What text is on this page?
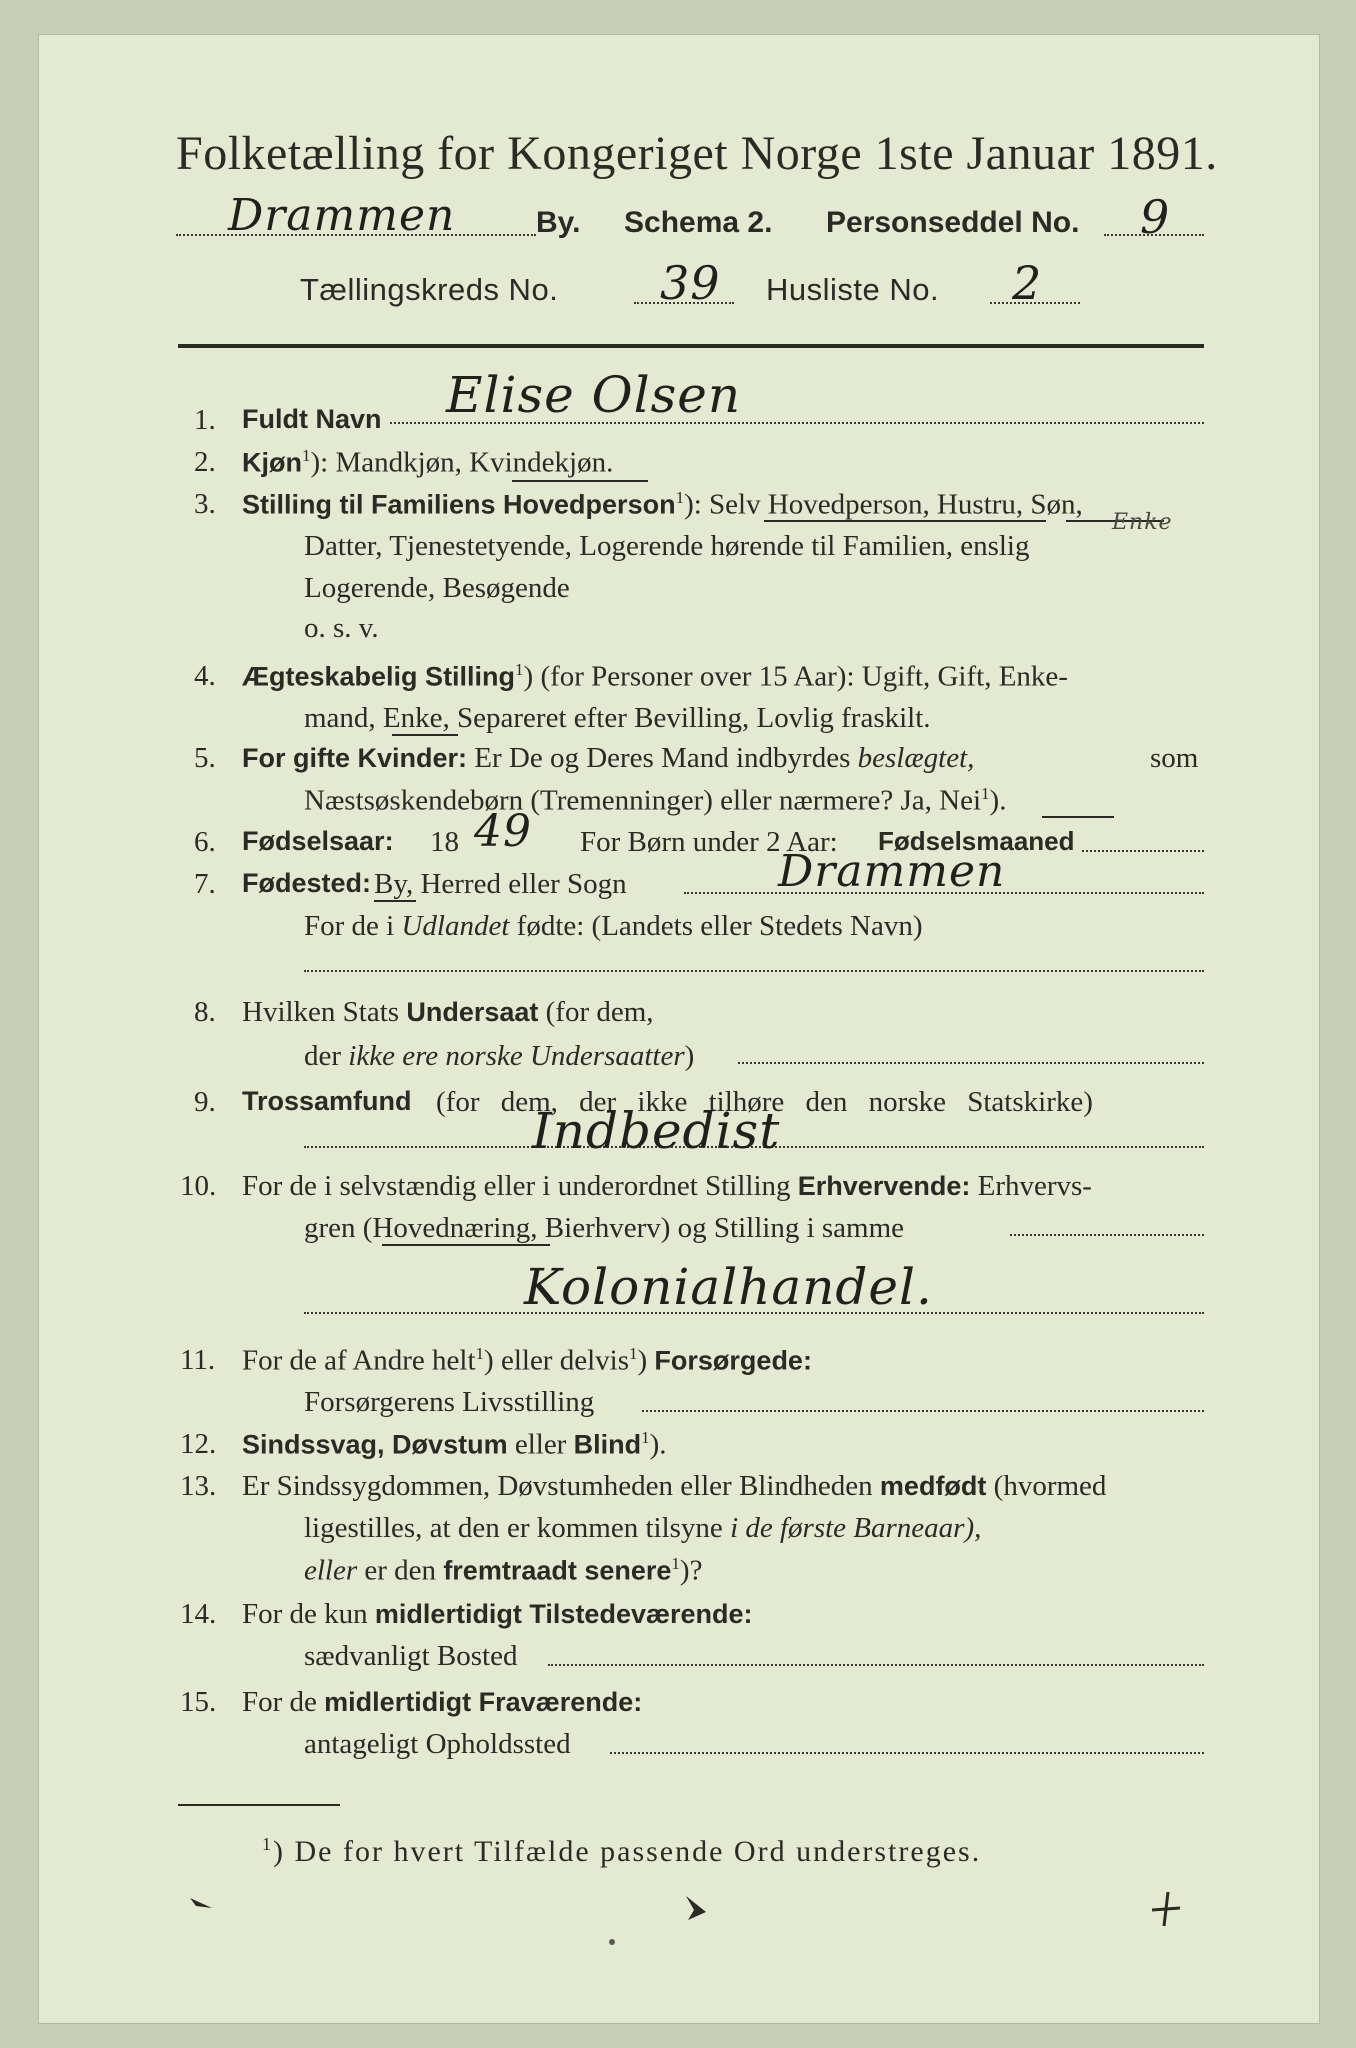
Folketælling for Kongeriget Norge 1ste Januar 1891.
Drammen	By. Schema 2. Personseddel No. 9
Tællingskreds No. 39 Husliste No. 2
1. Fuldt Navn Elise Olsen
2. Kjøn$^1$): Mandkjøn, Kvindekjøn.
3. Stilling til Familiens Hovedperson$^1$): Selv Hovedperson, Hustru, Søn,
Datter, Tjenestetyende, Logerende hørende til Familien, enslig
Enke
Logerende, Besøgende
o. s. v.
4. Ægteskabelig Stilling$^1$) (for Personer over 15 Aar): Ugift, Gift, Enke-
mand, Enke, Separeret efter Bevilling, Lovlig fraskilt.
5. For gifte Kvinder: Er De og Deres Mand indbyrdes beslægtet,	som
Næstsøskendebørn (Tremenninger) eller nærmere? Ja, Nei$^1$).
6. Fødselsaar: 18 49 For Børn under 2 Aar: Fødselsmaaned
7. Fødested: By, Herred eller Sogn	Drammen
For de i Udlandet fødte: (Landets eller Stedets Navn)
8. Hvilken Stats Undersaat (for dem,
der ikke ere norske Undersaatter)
9. Trossamfund (for dem, der ikke tilhøre den norske Statskirke)
Indbedist
10. For de i selvstændig eller i underordnet Stilling Erhvervende: Erhvervs-
gren (Hovednæring, Bierhverv) og Stilling i samme
Kolonialhandel.
11. For de af Andre helt$^1$) eller delvis$^1$) Forsørgede:
Forsørgerens Livsstilling
12. Sindssvag, Døvstum eller Blind$^1$).
13. Er Sindssygdommen, Døvstumheden eller Blindheden medfødt (hvormed
ligestilles, at den er kommen tilsyne i de første Barneaar),
eller er den fremtraadt senere$^1$)?
14. For de kun midlertidigt Tilstedeværende:
sædvanligt Bosted
15. For de midlertidigt Fraværende:
antageligt Opholdssted
$^1$) De for hvert Tilfælde passende Ord understreges.
